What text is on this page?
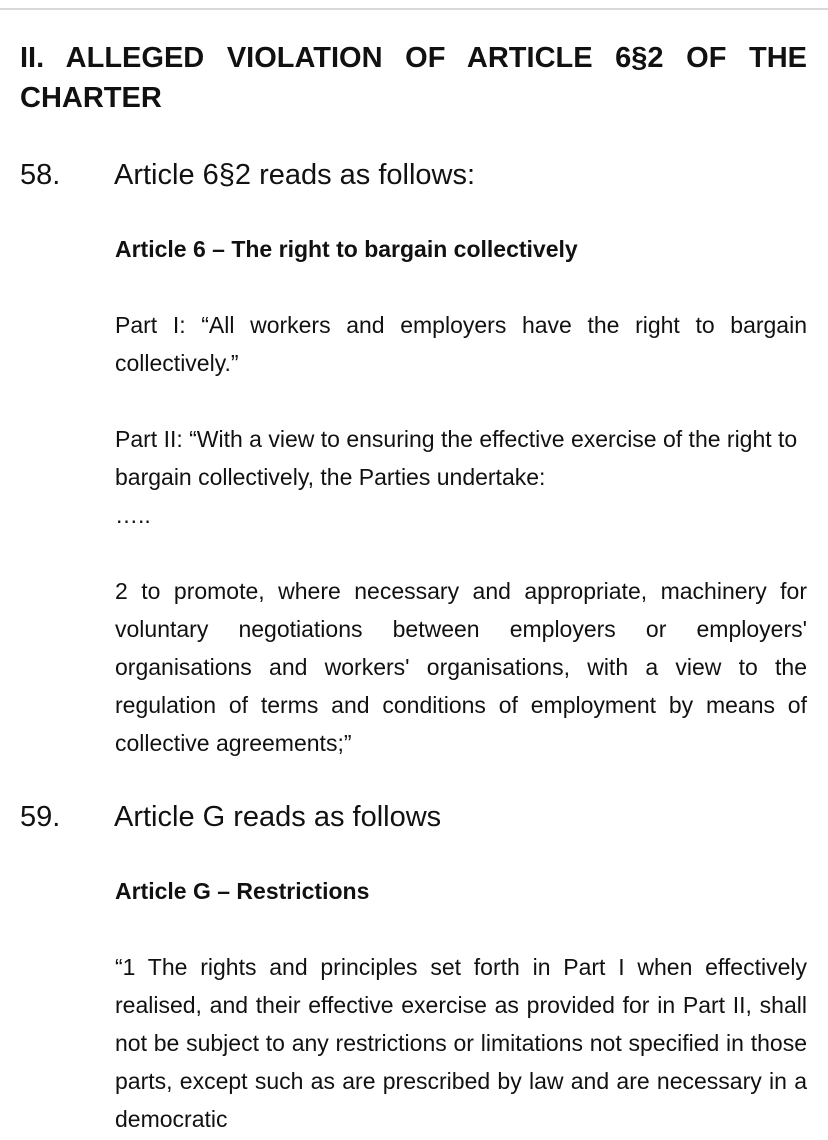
II. ALLEGED VIOLATION OF ARTICLE 6§2 OF THE CHARTER
58. Article 6§2 reads as follows:
Article 6 – The right to bargain collectively

Part I: “All workers and employers have the right to bargain collectively.”

Part II: “With a view to ensuring the effective exercise of the right to bargain collectively, the Parties undertake:

…..

2 to promote, where necessary and appropriate, machinery for voluntary negotiations between employers or employers' organisations and workers' organisations, with a view to the regulation of terms and conditions of employment by means of collective agreements;”

59. Article G reads as follows
Article G – Restrictions

“1 The rights and principles set forth in Part I when effectively realised, and their effective exercise as provided for in Part II, shall not be subject to any restrictions or limitations not specified in those parts, except such as are prescribed by law and are necessary in a democratic
